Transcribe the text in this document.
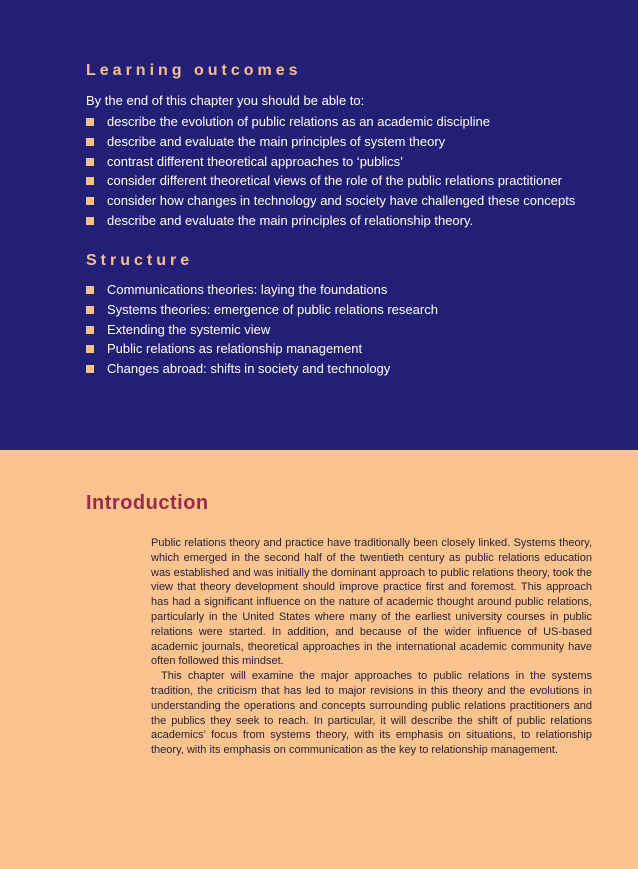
Learning outcomes

By the end of this chapter you should be able to:

describe the evolution of public relations as an academic discipline
describe and evaluate the main principles of system theory
contrast different theoretical approaches to ‘publics’
consider different theoretical views of the role of the public relations practitioner
consider how changes in technology and society have challenged these concepts
describe and evaluate the main principles of relationship theory.
Structure
Communications theories: laying the foundations
Systems theories: emergence of public relations research
Extending the systemic view
Public relations as relationship management
Changes abroad: shifts in society and technology
Introduction

Public relations theory and practice have traditionally been closely linked. Systems theory, which emerged in the second half of the twentieth century as public relations education was established and was initially the dominant approach to public relations theory, took the view that theory development should improve practice first and foremost. This approach has had a significant influence on the nature of academic thought around public relations, particularly in the United States where many of the earliest university courses in public relations were started. In addition, and because of the wider influence of US-based academic journals, theoretical approaches in the international academic community have often followed this mindset.

This chapter will examine the major approaches to public relations in the systems tradition, the criticism that has led to major revisions in this theory and the evolutions in understanding the operations and concepts surrounding public relations practitioners and the publics they seek to reach. In particular, it will describe the shift of public relations academics’ focus from systems theory, with its emphasis on situations, to relationship theory, with its emphasis on communication as the key to relationship management.
